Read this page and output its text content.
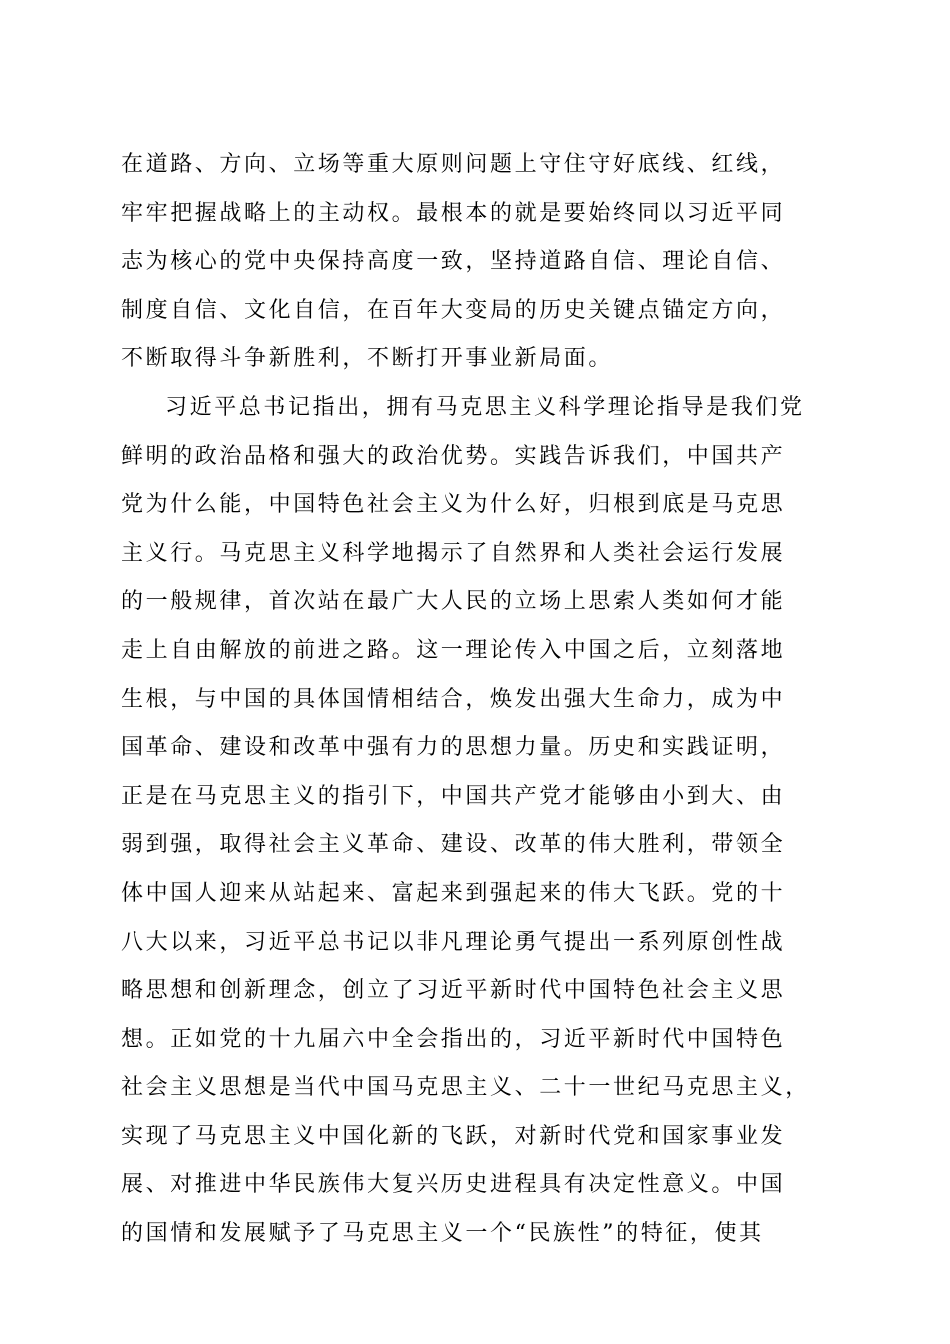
在道路、方向、立场等重大原则问题上守住守好底线、红线，
牢牢把握战略上的主动权。最根本的就是要始终同以习近平同
志为核心的党中央保持高度一致，坚持道路自信、理论自信、
制度自信、文化自信，在百年大变局的历史关键点锚定方向，
不断取得斗争新胜利，不断打开事业新局面。
习近平总书记指出，拥有马克思主义科学理论指导是我们党
鲜明的政治品格和强大的政治优势。实践告诉我们，中国共产
党为什么能，中国特色社会主义为什么好，归根到底是马克思
主义行。马克思主义科学地揭示了自然界和人类社会运行发展
的一般规律，首次站在最广大人民的立场上思索人类如何才能
走上自由解放的前进之路。这一理论传入中国之后，立刻落地
生根，与中国的具体国情相结合，焕发出强大生命力，成为中
国革命、建设和改革中强有力的思想力量。历史和实践证明，
正是在马克思主义的指引下，中国共产党才能够由小到大、由
弱到强，取得社会主义革命、建设、改革的伟大胜利，带领全
体中国人迎来从站起来、富起来到强起来的伟大飞跃。党的十
八大以来，习近平总书记以非凡理论勇气提出一系列原创性战
略思想和创新理念，创立了习近平新时代中国特色社会主义思
想。正如党的十九届六中全会指出的，习近平新时代中国特色
社会主义思想是当代中国马克思主义、二十一世纪马克思主义，
实现了马克思主义中国化新的飞跃，对新时代党和国家事业发
展、对推进中华民族伟大复兴历史进程具有决定性意义。中国
的国情和发展赋予了马克思主义一个“民族性”的特征，使其
